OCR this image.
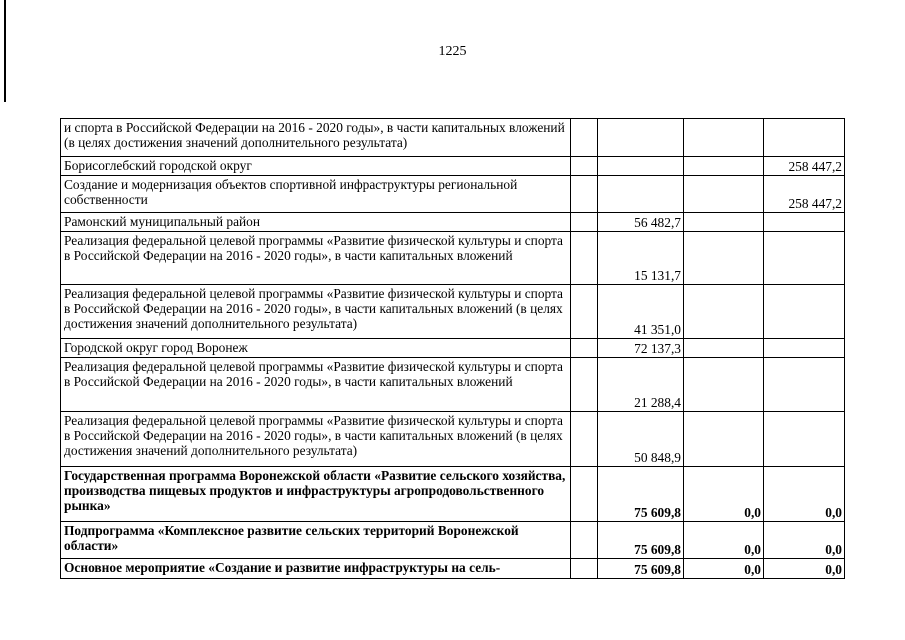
1225
и спорта в Российской Федерации на 2016 - 2020 годы», в части капитальных вложений (в целях достижения значений дополнительного результата)				
Борисоглебский городской округ				258 447,2
Создание и модернизация объектов спортивной инфраструктуры региональной собственности				258 447,2
Рамонский муниципальный район		56 482,7		
Реализация федеральной целевой программы «Развитие физической культуры и спорта в Российской Федерации на 2016 - 2020 годы», в части капитальных вложений		15 131,7		
Реализация федеральной целевой программы «Развитие физической культуры и спорта в Российской Федерации на 2016 - 2020 годы», в части капитальных вложений (в целях достижения значений дополнительного результата)		41 351,0		
Городской округ город Воронеж		72 137,3		
Реализация федеральной целевой программы «Развитие физической культуры и спорта в Российской Федерации на 2016 - 2020 годы», в части капитальных вложений		21 288,4		
Реализация федеральной целевой программы «Развитие физической культуры и спорта в Российской Федерации на 2016 - 2020 годы», в части капитальных вложений (в целях достижения значений дополнительного результата)		50 848,9		
Государственная программа Воронежской области «Развитие сельского хозяйства, производства пищевых продуктов и инфраструктуры агропродовольственного рынка»		75 609,8	0,0	0,0
Подпрограмма «Комплексное развитие сельских территорий Воронежской области»		75 609,8	0,0	0,0
Основное мероприятие «Создание и развитие инфраструктуры на сель-		75 609,8	0,0	0,0
